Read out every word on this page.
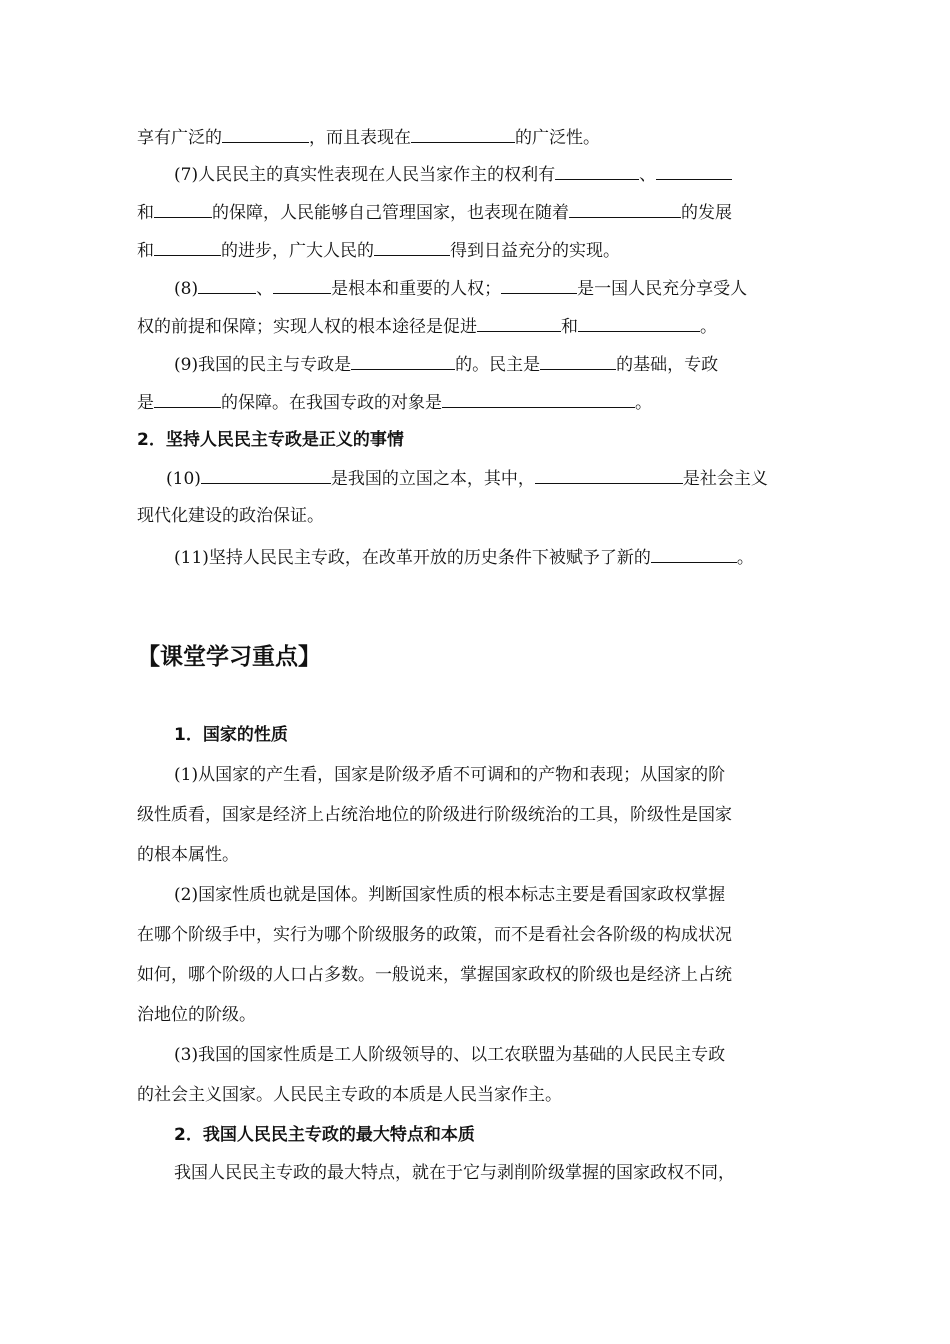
享有广泛的	，而且表现在	的广泛性。
(7)人民民主的真实性表现在人民当家作主的权利有	、
和	的保障，人民能够自己管理国家，也表现在随着	的发展
和	的进步，广大人民的	得到日益充分的实现。
(8)	、	是根本和重要的人权；	是一国人民充分享受人
权的前提和保障；实现人权的根本途径是促进	和	。
(9)我国的民主与专政是	的。民主是	的基础，专政
是	的保障。在我国专政的对象是	。
2．坚持人民民主专政是正义的事情
(10)	是我国的立国之本，其中，	是社会主义
现代化建设的政治保证。
(11)坚持人民民主专政，在改革开放的历史条件下被赋予了新的	。
【课堂学习重点】
1．国家的性质
(1)从国家的产生看，国家是阶级矛盾不可调和的产物和表现；从国家的阶
级性质看，国家是经济上占统治地位的阶级进行阶级统治的工具，阶级性是国家
的根本属性。
(2)国家性质也就是国体。判断国家性质的根本标志主要是看国家政权掌握
在哪个阶级手中，实行为哪个阶级服务的政策，而不是看社会各阶级的构成状况
如何，哪个阶级的人口占多数。一般说来，掌握国家政权的阶级也是经济上占统
治地位的阶级。
(3)我国的国家性质是工人阶级领导的、以工农联盟为基础的人民民主专政
的社会主义国家。人民民主专政的本质是人民当家作主。
2．我国人民民主专政的最大特点和本质
我国人民民主专政的最大特点，就在于它与剥削阶级掌握的国家政权不同，
